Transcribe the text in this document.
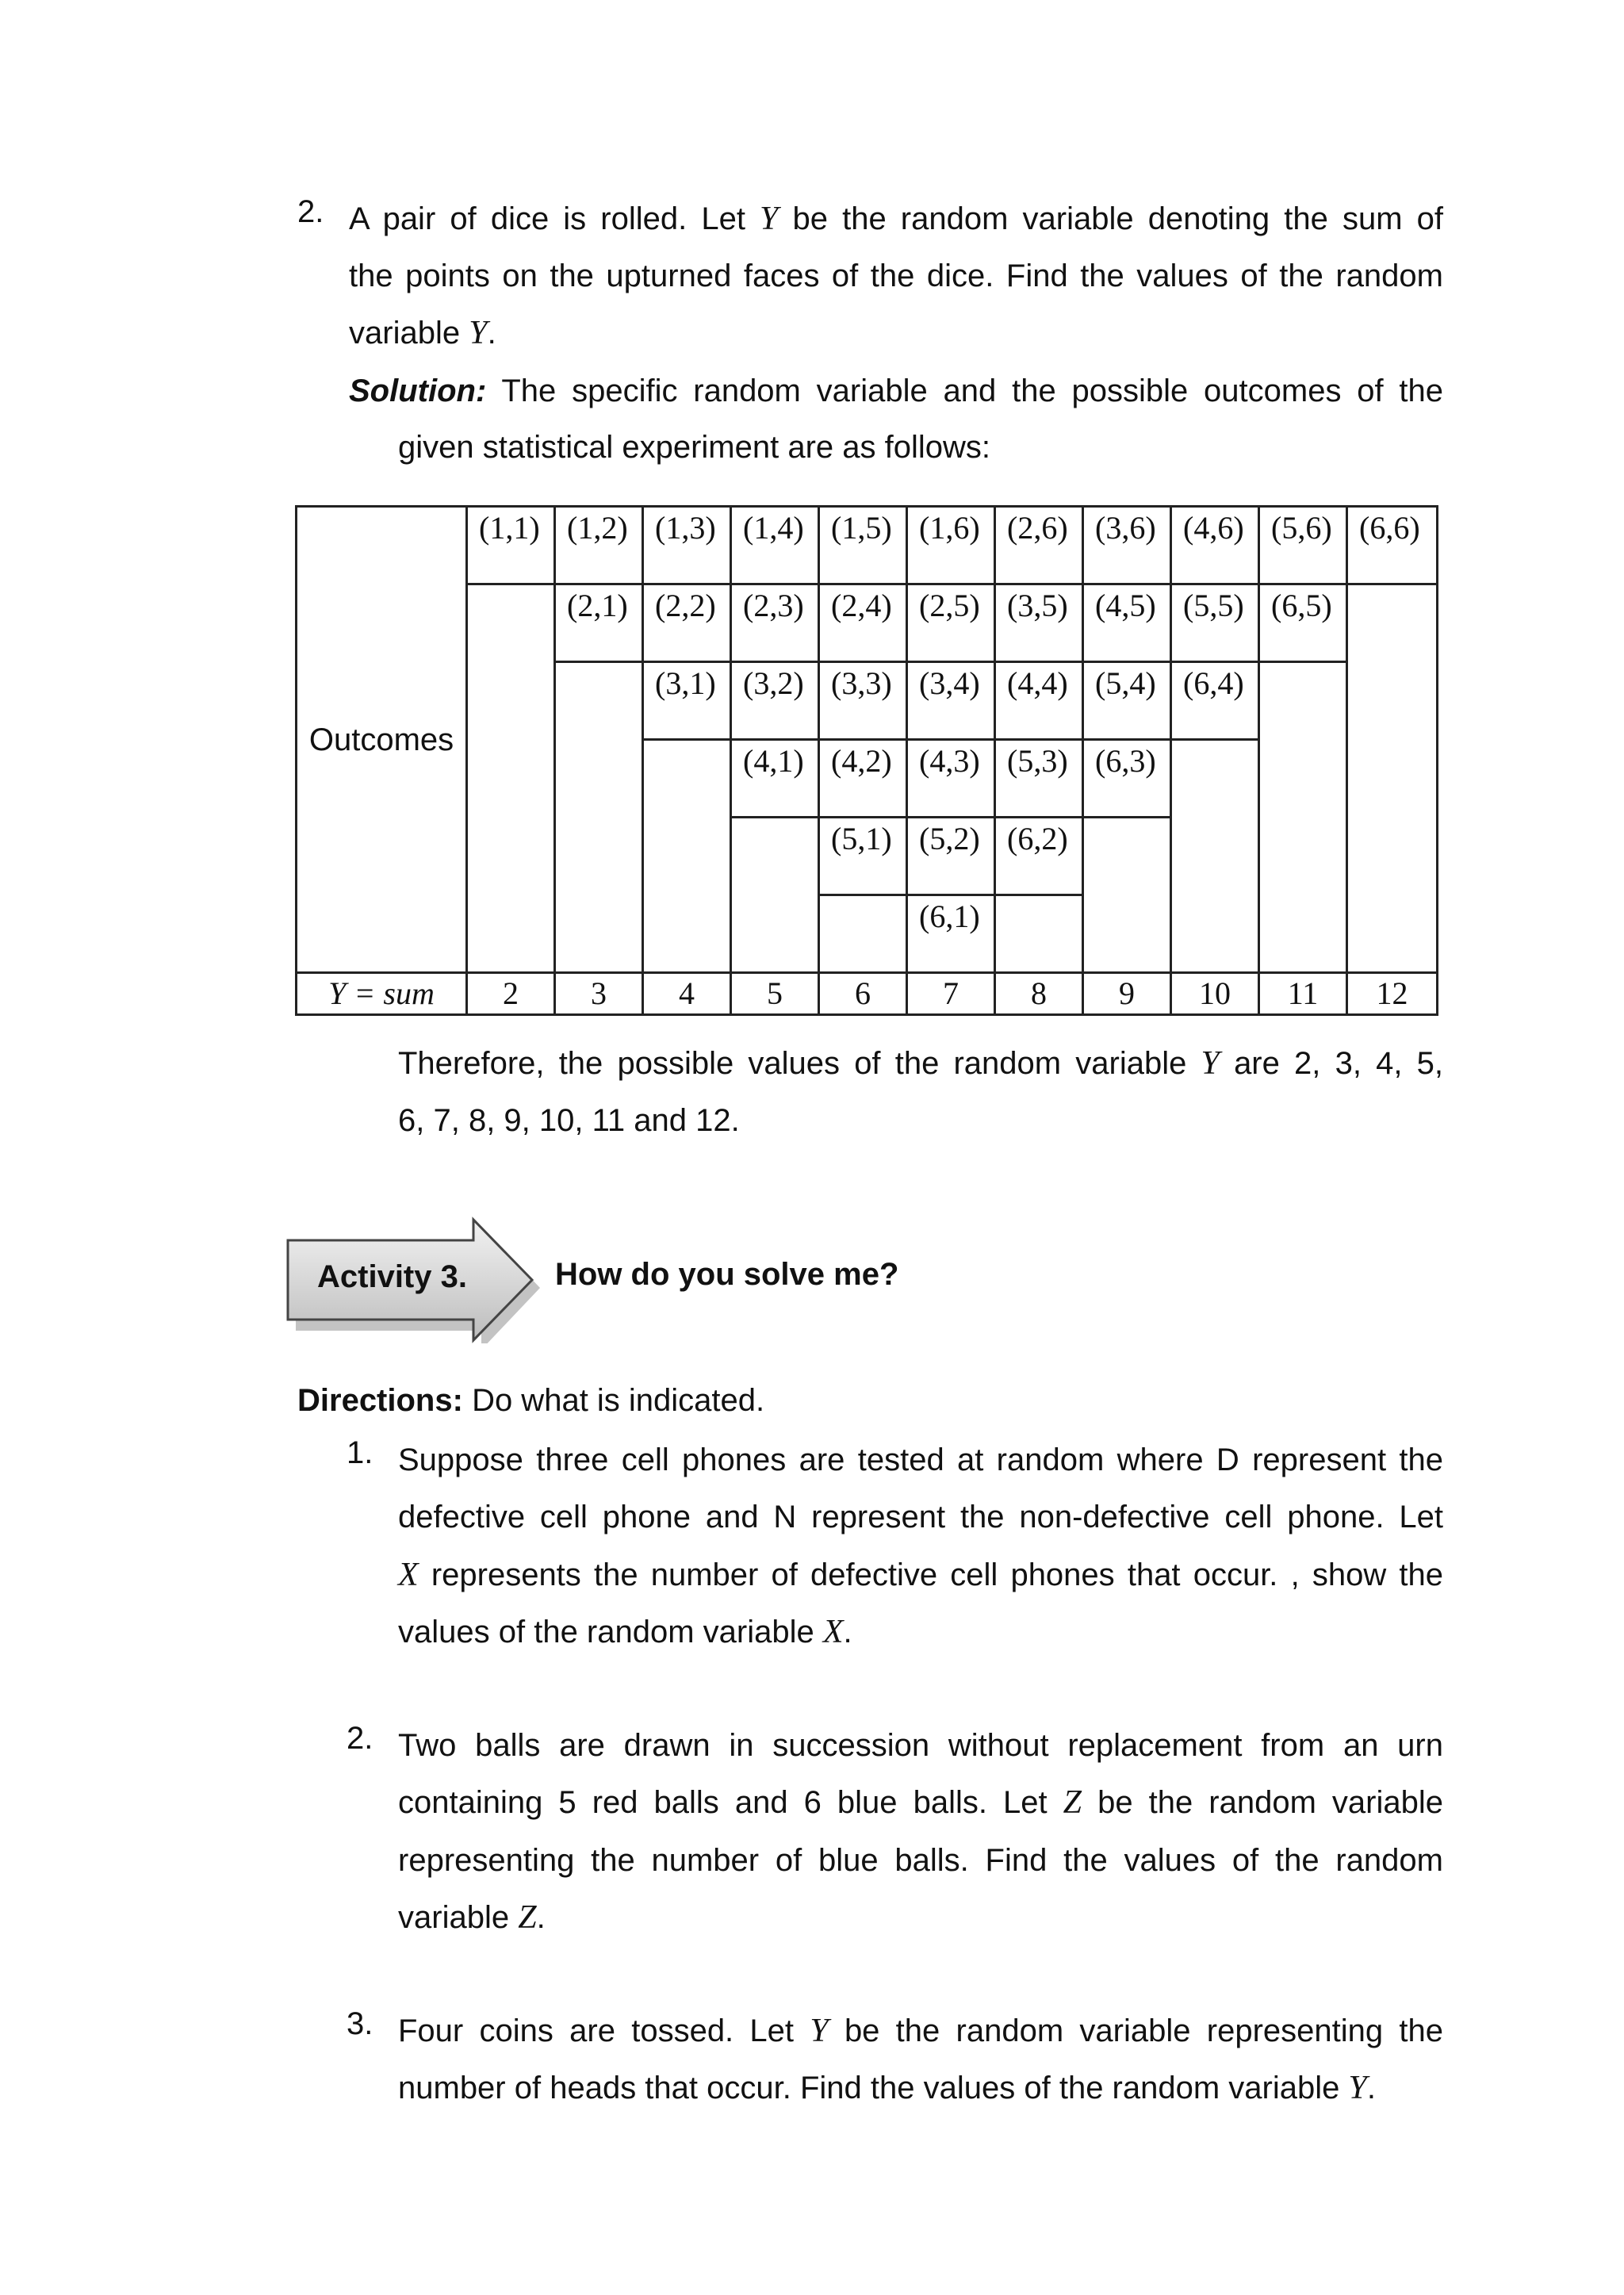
2. A pair of dice is rolled. Let Y be the random variable denoting the sum of
the points on the upturned faces of the dice. Find the values of the random
variable Y.
Solution: The specific random variable and the possible outcomes of the
given statistical experiment are as follows:
Outcomes	(1,1)	(1,2)	(1,3)	(1,4)	(1,5)	(1,6)	(2,6)	(3,6)	(4,6)	(5,6)	(6,6)
		(2,1)	(2,2)	(2,3)	(2,4)	(2,5)	(3,5)	(4,5)	(5,5)	(6,5)	
			(3,1)	(3,2)	(3,3)	(3,4)	(4,4)	(5,4)	(6,4)		
				(4,1)	(4,2)	(4,3)	(5,3)	(6,3)			
					(5,1)	(5,2)	(6,2)				
						(6,1)					
Y = sum	2	3	4	5	6	7	8	9	10	11	12
Therefore, the possible values of the random variable Y are 2, 3, 4, 5,
6, 7, 8, 9, 10, 11 and 12.
Activity 3.	How do you solve me?
Directions: Do what is indicated.
1. Suppose three cell phones are tested at random where D represent the
defective cell phone and N represent the non-defective cell phone. Let
X represents the number of defective cell phones that occur. , show the
values of the random variable X.
2. Two balls are drawn in succession without replacement from an urn
containing 5 red balls and 6 blue balls. Let Z be the random variable
representing the number of blue balls. Find the values of the random
variable Z.
3. Four coins are tossed. Let Y be the random variable representing the
number of heads that occur. Find the values of the random variable Y.
